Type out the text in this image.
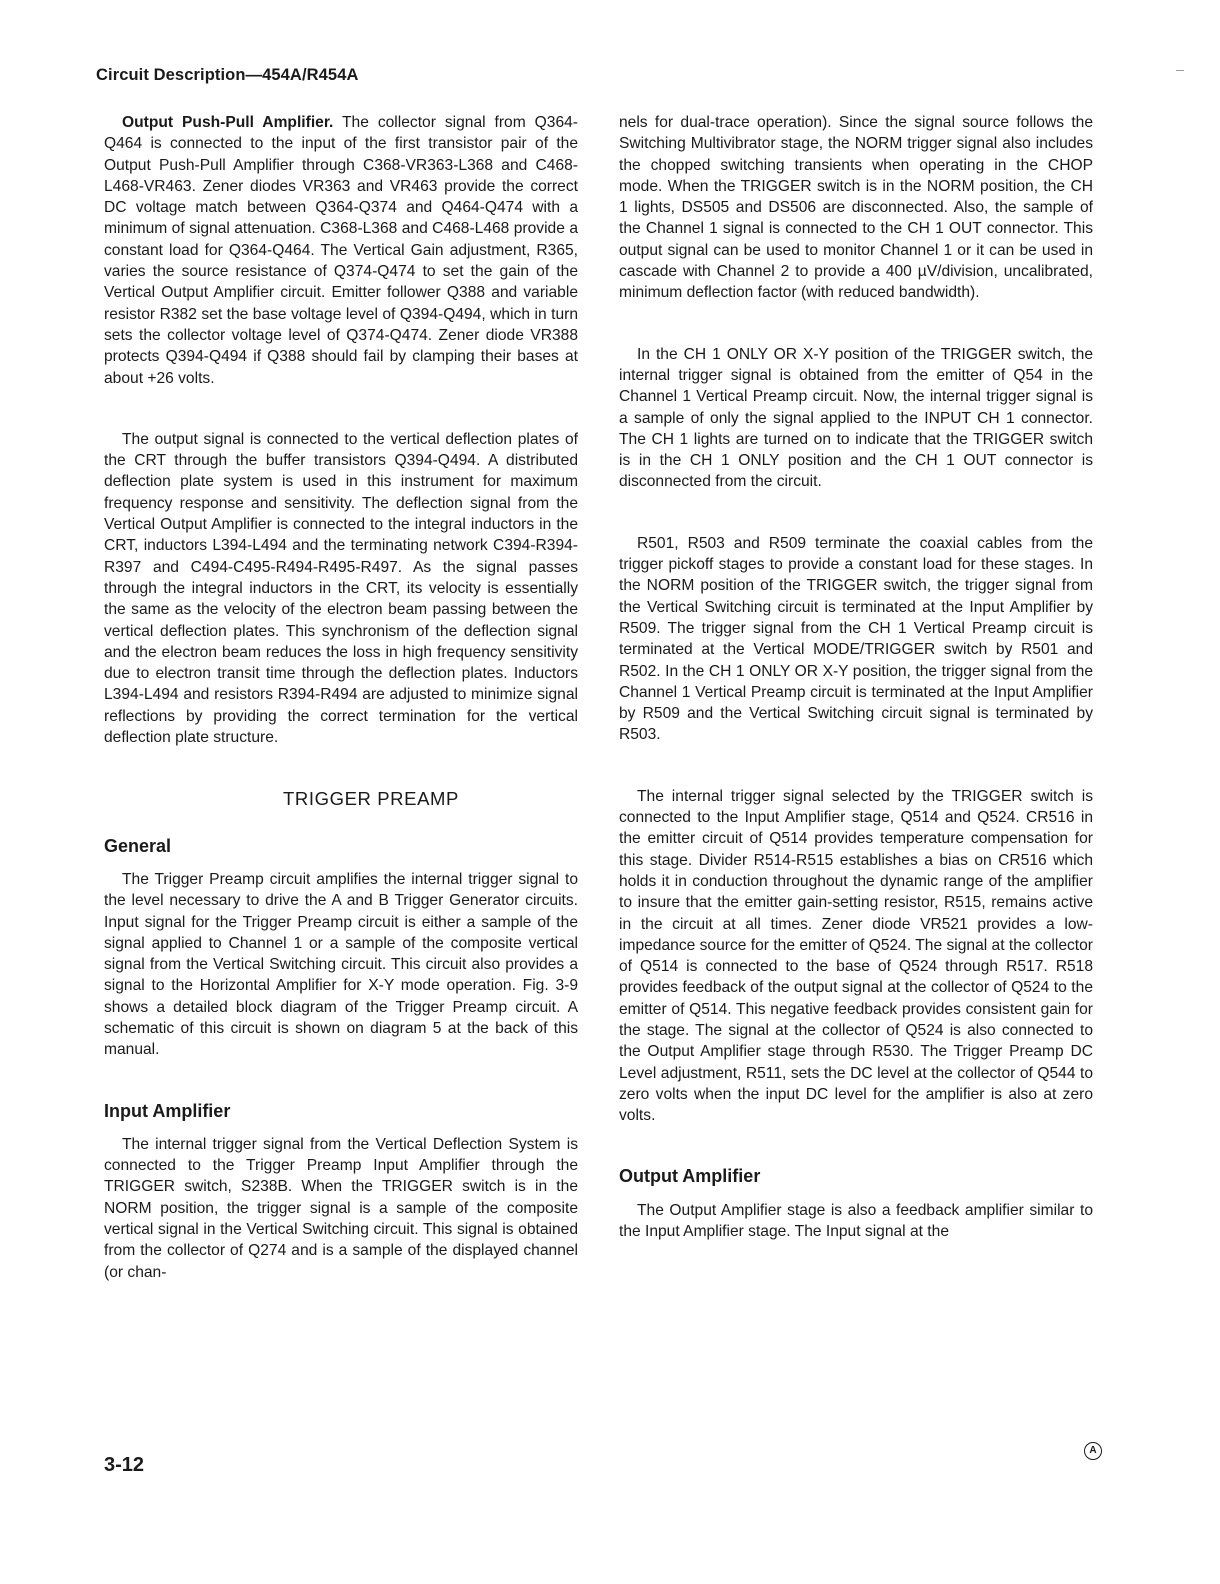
Circuit Description—454A/R454A

Output Push-Pull Amplifier. The collector signal from Q364-Q464 is connected to the input of the first transistor pair of the Output Push-Pull Amplifier through C368-VR363-L368 and C468-L468-VR463. Zener diodes VR363 and VR463 provide the correct DC voltage match between Q364-Q374 and Q464-Q474 with a minimum of signal attenuation. C368-L368 and C468-L468 provide a constant load for Q364-Q464. The Vertical Gain adjustment, R365, varies the source resistance of Q374-Q474 to set the gain of the Vertical Output Amplifier circuit. Emitter follower Q388 and variable resistor R382 set the base voltage level of Q394-Q494, which in turn sets the collector voltage level of Q374-Q474. Zener diode VR388 protects Q394-Q494 if Q388 should fail by clamping their bases at about +26 volts.

The output signal is connected to the vertical deflection plates of the CRT through the buffer transistors Q394-Q494. A distributed deflection plate system is used in this instrument for maximum frequency response and sensitivity. The deflection signal from the Vertical Output Amplifier is connected to the integral inductors in the CRT, inductors L394-L494 and the terminating network C394-R394-R397 and C494-C495-R494-R495-R497. As the signal passes through the integral inductors in the CRT, its velocity is essentially the same as the velocity of the electron beam passing between the vertical deflection plates. This synchronism of the deflection signal and the electron beam reduces the loss in high frequency sensitivity due to electron transit time through the deflection plates. Inductors L394-L494 and resistors R394-R494 are adjusted to minimize signal reflections by providing the correct termination for the vertical deflection plate structure.

TRIGGER PREAMP
General

The Trigger Preamp circuit amplifies the internal trigger signal to the level necessary to drive the A and B Trigger Generator circuits. Input signal for the Trigger Preamp circuit is either a sample of the signal applied to Channel 1 or a sample of the composite vertical signal from the Vertical Switching circuit. This circuit also provides a signal to the Horizontal Amplifier for X-Y mode operation. Fig. 3-9 shows a detailed block diagram of the Trigger Preamp circuit. A schematic of this circuit is shown on diagram 5 at the back of this manual.

Input Amplifier

The internal trigger signal from the Vertical Deflection System is connected to the Trigger Preamp Input Amplifier through the TRIGGER switch, S238B. When the TRIGGER switch is in the NORM position, the trigger signal is a sample of the composite vertical signal in the Vertical Switching circuit. This signal is obtained from the collector of Q274 and is a sample of the displayed channel (or chan-

nels for dual-trace operation). Since the signal source follows the Switching Multivibrator stage, the NORM trigger signal also includes the chopped switching transients when operating in the CHOP mode. When the TRIGGER switch is in the NORM position, the CH 1 lights, DS505 and DS506 are disconnected. Also, the sample of the Channel 1 signal is connected to the CH 1 OUT connector. This output signal can be used to monitor Channel 1 or it can be used in cascade with Channel 2 to provide a 400 µV/division, uncalibrated, minimum deflection factor (with reduced bandwidth).

In the CH 1 ONLY OR X-Y position of the TRIGGER switch, the internal trigger signal is obtained from the emitter of Q54 in the Channel 1 Vertical Preamp circuit. Now, the internal trigger signal is a sample of only the signal applied to the INPUT CH 1 connector. The CH 1 lights are turned on to indicate that the TRIGGER switch is in the CH 1 ONLY position and the CH 1 OUT connector is disconnected from the circuit.

R501, R503 and R509 terminate the coaxial cables from the trigger pickoff stages to provide a constant load for these stages. In the NORM position of the TRIGGER switch, the trigger signal from the Vertical Switching circuit is terminated at the Input Amplifier by R509. The trigger signal from the CH 1 Vertical Preamp circuit is terminated at the Vertical MODE/TRIGGER switch by R501 and R502. In the CH 1 ONLY OR X-Y position, the trigger signal from the Channel 1 Vertical Preamp circuit is terminated at the Input Amplifier by R509 and the Vertical Switching circuit signal is terminated by R503.

The internal trigger signal selected by the TRIGGER switch is connected to the Input Amplifier stage, Q514 and Q524. CR516 in the emitter circuit of Q514 provides temperature compensation for this stage. Divider R514-R515 establishes a bias on CR516 which holds it in conduction throughout the dynamic range of the amplifier to insure that the emitter gain-setting resistor, R515, remains active in the circuit at all times. Zener diode VR521 provides a low-impedance source for the emitter of Q524. The signal at the collector of Q514 is connected to the base of Q524 through R517. R518 provides feedback of the output signal at the collector of Q524 to the emitter of Q514. This negative feedback provides consistent gain for the stage. The signal at the collector of Q524 is also connected to the Output Amplifier stage through R530. The Trigger Preamp DC Level adjustment, R511, sets the DC level at the collector of Q544 to zero volts when the input DC level for the amplifier is also at zero volts.

Output Amplifier

The Output Amplifier stage is also a feedback amplifier similar to the Input Amplifier stage. The Input signal at the

3-12
A
